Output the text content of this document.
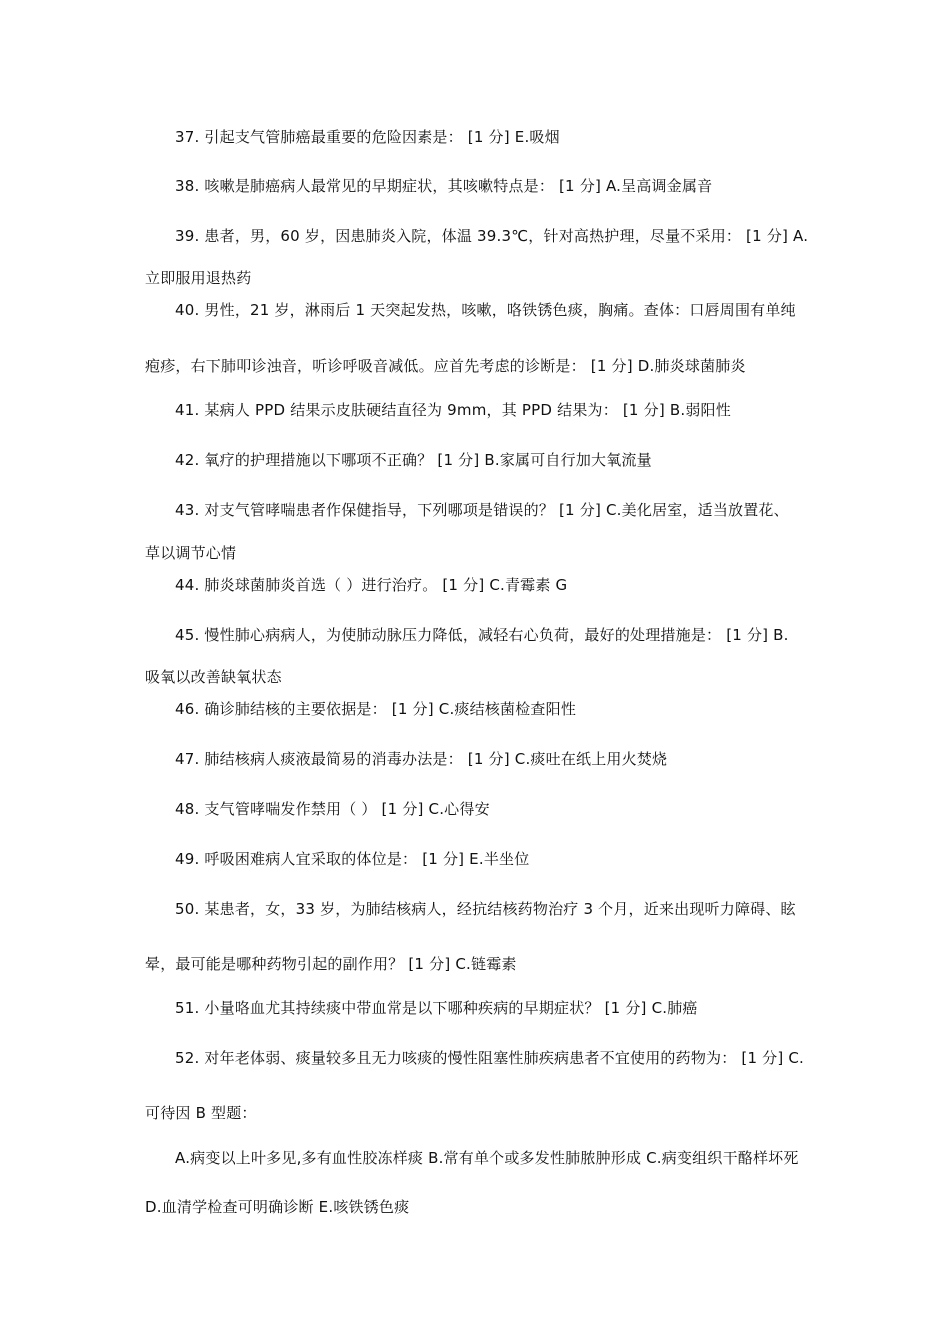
37. 引起支气管肺癌最重要的危险因素是： [1 分] E.吸烟
38. 咳嗽是肺癌病人最常见的早期症状，其咳嗽特点是： [1 分] A.呈高调金属音
39. 患者，男，60 岁，因患肺炎入院，体温 39.3℃，针对高热护理，尽量不采用： [1 分] A.
立即服用退热药
40. 男性，21 岁，淋雨后 1 天突起发热，咳嗽，咯铁锈色痰，胸痛。查体：口唇周围有单纯
疱疹，右下肺叩诊浊音，听诊呼吸音减低。应首先考虑的诊断是： [1 分] D.肺炎球菌肺炎
41. 某病人 PPD 结果示皮肤硬结直径为 9mm，其 PPD 结果为： [1 分] B.弱阳性
42. 氧疗的护理措施以下哪项不正确？ [1 分] B.家属可自行加大氧流量
43. 对支气管哮喘患者作保健指导，下列哪项是错误的？ [1 分] C.美化居室，适当放置花、
草以调节心情
44. 肺炎球菌肺炎首选（ ）进行治疗。 [1 分] C.青霉素 G
45. 慢性肺心病病人，为使肺动脉压力降低，减轻右心负荷，最好的处理措施是： [1 分] B.
吸氧以改善缺氧状态
46. 确诊肺结核的主要依据是： [1 分] C.痰结核菌检查阳性
47. 肺结核病人痰液最简易的消毒办法是： [1 分] C.痰吐在纸上用火焚烧
48. 支气管哮喘发作禁用（ ） [1 分] C.心得安
49. 呼吸困难病人宜采取的体位是： [1 分] E.半坐位
50. 某患者，女，33 岁，为肺结核病人，经抗结核药物治疗 3 个月，近来出现听力障碍、眩
晕，最可能是哪种药物引起的副作用？ [1 分] C.链霉素
51. 小量咯血尤其持续痰中带血常是以下哪种疾病的早期症状？ [1 分] C.肺癌
52. 对年老体弱、痰量较多且无力咳痰的慢性阻塞性肺疾病患者不宜使用的药物为： [1 分] C.
可待因 B 型题：
A.病变以上叶多见,多有血性胶冻样痰 B.常有单个或多发性肺脓肿形成 C.病变组织干酪样坏死
D.血清学检查可明确诊断 E.咳铁锈色痰
